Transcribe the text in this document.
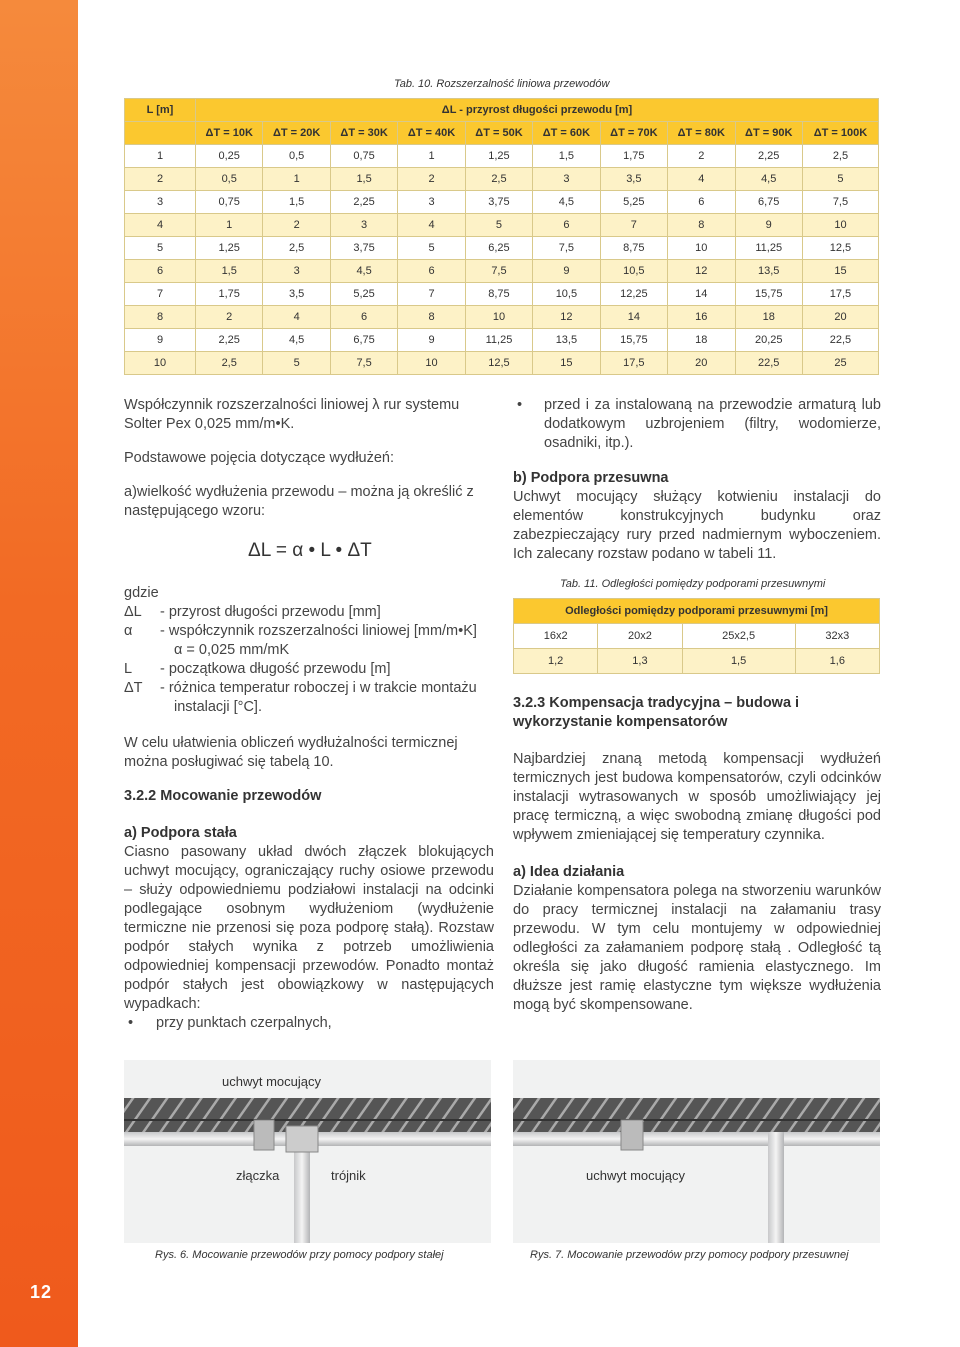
12
Tab. 10. Rozszerzalność liniowa przewodów
L [m]	ΔL - przyrost długości przewodu [m]									
	ΔT = 10K	ΔT = 20K	ΔT = 30K	ΔT = 40K	ΔT = 50K	ΔT = 60K	ΔT = 70K	ΔT = 80K	ΔT = 90K	ΔT = 100K
1	0,25	0,5	0,75	1	1,25	1,5	1,75	2	2,25	2,5
2	0,5	1	1,5	2	2,5	3	3,5	4	4,5	5
3	0,75	1,5	2,25	3	3,75	4,5	5,25	6	6,75	7,5
4	1	2	3	4	5	6	7	8	9	10
5	1,25	2,5	3,75	5	6,25	7,5	8,75	10	11,25	12,5
6	1,5	3	4,5	6	7,5	9	10,5	12	13,5	15
7	1,75	3,5	5,25	7	8,75	10,5	12,25	14	15,75	17,5
8	2	4	6	8	10	12	14	16	18	20
9	2,25	4,5	6,75	9	11,25	13,5	15,75	18	20,25	22,5
10	2,5	5	7,5	10	12,5	15	17,5	20	22,5	25

Współczynnik rozszerzalności liniowej λ rur systemu Solter Pex 0,025 mm/m•K.

Podstawowe pojęcia dotyczące wydłużeń:

a)wielkość wydłużenia przewodu – można ją określić z następującego wzoru:

ΔL = α • L • ΔT

gdzie

ΔL - przyrost długości przewodu [mm]

α - współczynnik rozszerzalności liniowej [mm/m•K]

α = 0,025 mm/mK

L - początkowa długość przewodu [m]

ΔT - różnica temperatur roboczej i w trakcie montażu

instalacji [°C].

W celu ułatwienia obliczeń wydłużalności termicznej można posługiwać się tabelą 10.

3.2.2 Mocowanie przewodów

a) Podpora stała

Ciasno pasowany układ dwóch złączek blokujących uchwyt mocujący, ograniczający ruchy osiowe przewodu – służy odpowiedniemu podziałowi instalacji na odcinki podlegające osobnym wydłużeniom (wydłużenie termiczne nie przenosi się poza podporę stałą). Rozstaw podpór stałych wynika z potrzeb umożliwienia odpowiedniej kompensacji przewodów. Ponadto montaż podpór stałych jest obowiązkowy w następujących wypadkach:

• przy punktach czerpalnych,

•	przed i za instalowaną na przewodzie armaturą lub dodatkowym uzbrojeniem (filtry, wodomierze, osadniki, itp.).

b) Podpora przesuwna

Uchwyt mocujący służący kotwieniu instalacji do elementów konstrukcyjnych budynku oraz zabezpieczający rury przed nadmiernym wyboczeniem. Ich zalecany rozstaw podano w tabeli 11.

Tab. 11. Odległości pomiędzy podporami przesuwnymi
Odległości pomiędzy podporami przesuwnymi [m]			
16x2	20x2	25x2,5	32x3
1,2	1,3	1,5	1,6

3.2.3 Kompensacja tradycyjna – budowa i wykorzystanie kompensatorów

Najbardziej znaną metodą kompensacji wydłużeń termicznych jest budowa kompensatorów, czyli odcinków instalacji wytrasowanych w sposób umożliwiający jej pracę termiczną, a więc swobodną zmianę długości pod wpływem zmieniającej się temperatury czynnika.

a) Idea działania

Działanie kompensatora polega na stworzeniu warunków do pracy termicznej instalacji na załamaniu trasy przewodu. W tym celu montujemy w odpowiedniej odległości za załamaniem podporę stałą . Odległość tą określa się jako długość ramienia elastycznego. Im dłuższe jest ramię elastyczne tym większe wydłużenia mogą być skompensowane.

uchwyt mocujący
złączka	trójnik
Rys. 6. Mocowanie przewodów przy pomocy podpory stałej
uchwyt mocujący
Rys. 7. Mocowanie przewodów przy pomocy podpory przesuwnej
